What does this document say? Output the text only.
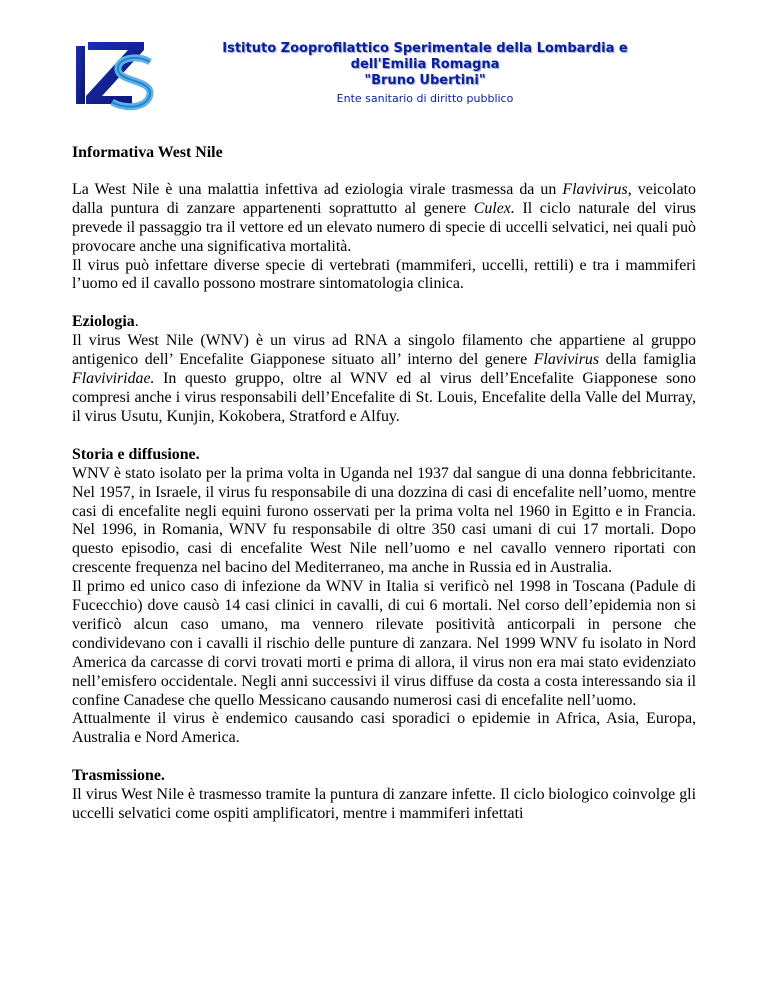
Istituto Zooprofilattico Sperimentale della Lombardia e
dell'Emilia Romagna
"Bruno Ubertini"
Ente sanitario di diritto pubblico

Informativa West Nile

La West Nile è una malattia infettiva ad eziologia virale trasmessa da un Flavivirus, veicolato dalla puntura di zanzare appartenenti soprattutto al genere Culex. Il ciclo naturale del virus prevede il passaggio tra il vettore ed un elevato numero di specie di uccelli selvatici, nei quali può provocare anche una significativa mortalità.

Il virus può infettare diverse specie di vertebrati (mammiferi, uccelli, rettili) e tra i mammiferi l’uomo ed il cavallo possono mostrare sintomatologia clinica.

Eziologia.

Il virus West Nile (WNV) è un virus ad RNA a singolo filamento che appartiene al gruppo antigenico dell’ Encefalite Giapponese situato all’ interno del genere Flavivirus della famiglia Flaviviridae. In questo gruppo, oltre al WNV ed al virus dell’Encefalite Giapponese sono compresi anche i virus responsabili dell’Encefalite di St. Louis, Encefalite della Valle del Murray, il virus Usutu, Kunjin, Kokobera, Stratford e Alfuy.

Storia e diffusione.

WNV è stato isolato per la prima volta in Uganda nel 1937 dal sangue di una donna febbricitante. Nel 1957, in Israele, il virus fu responsabile di una dozzina di casi di encefalite nell’uomo, mentre casi di encefalite negli equini furono osservati per la prima volta nel 1960 in Egitto e in Francia. Nel 1996, in Romania, WNV fu responsabile di oltre 350 casi umani di cui 17 mortali. Dopo questo episodio, casi di encefalite West Nile nell’uomo e nel cavallo vennero riportati con crescente frequenza nel bacino del Mediterraneo, ma anche in Russia ed in Australia.

Il primo ed unico caso di infezione da WNV in Italia si verificò nel 1998 in Toscana (Padule di Fucecchio) dove causò 14 casi clinici in cavalli, di cui 6 mortali. Nel corso dell’epidemia non si verificò alcun caso umano, ma vennero rilevate positività anticorpali in persone che condividevano con i cavalli il rischio delle punture di zanzara. Nel 1999 WNV fu isolato in Nord America da carcasse di corvi trovati morti e prima di allora, il virus non era mai stato evidenziato nell’emisfero occidentale. Negli anni successivi il virus diffuse da costa a costa interessando sia il confine Canadese che quello Messicano causando numerosi casi di encefalite nell’uomo.

Attualmente il virus è endemico causando casi sporadici o epidemie in Africa, Asia, Europa, Australia e Nord America.

Trasmissione.

Il virus West Nile è trasmesso tramite la puntura di zanzare infette. Il ciclo biologico coinvolge gli uccelli selvatici come ospiti amplificatori, mentre i mammiferi infettati
